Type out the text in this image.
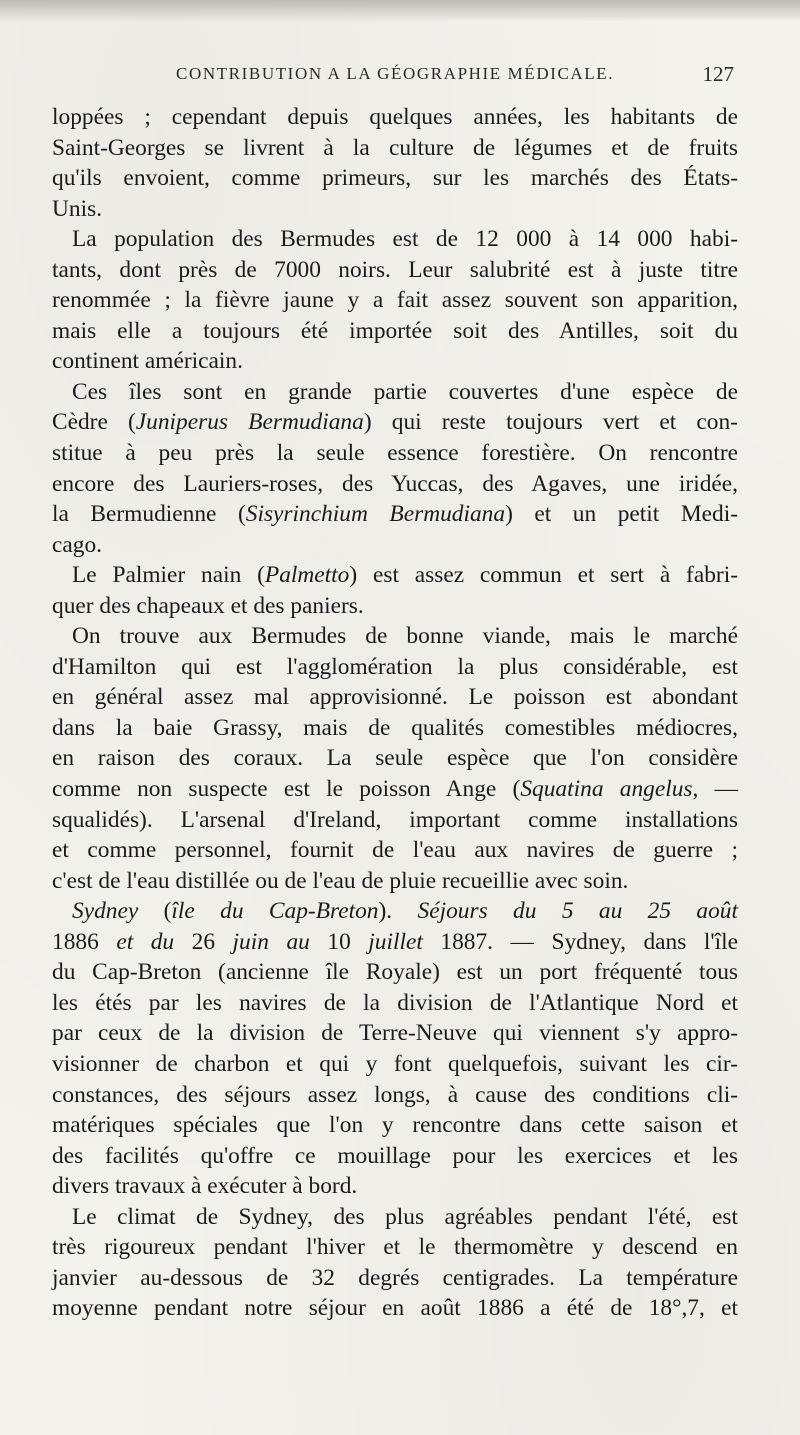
CONTRIBUTION A LA GÉOGRAPHIE MÉDICALE.	127
loppées ; cependant depuis quelques années, les habitants de
Saint-Georges se livrent à la culture de légumes et de fruits
qu'ils envoient, comme primeurs, sur les marchés des États-
Unis.
La population des Bermudes est de 12 000 à 14 000 habi-
tants, dont près de 7000 noirs. Leur salubrité est à juste titre
renommée ; la fièvre jaune y a fait assez souvent son apparition,
mais elle a toujours été importée soit des Antilles, soit du
continent américain.
Ces îles sont en grande partie couvertes d'une espèce de
Cèdre (Juniperus Bermudiana) qui reste toujours vert et con-
stitue à peu près la seule essence forestière. On rencontre
encore des Lauriers-roses, des Yuccas, des Agaves, une iridée,
la Bermudienne (Sisyrinchium Bermudiana) et un petit Medi-
cago.
Le Palmier nain (Palmetto) est assez commun et sert à fabri-
quer des chapeaux et des paniers.
On trouve aux Bermudes de bonne viande, mais le marché
d'Hamilton qui est l'agglomération la plus considérable, est
en général assez mal approvisionné. Le poisson est abondant
dans la baie Grassy, mais de qualités comestibles médiocres,
en raison des coraux. La seule espèce que l'on considère
comme non suspecte est le poisson Ange (Squatina angelus, —
squalidés). L'arsenal d'Ireland, important comme installations
et comme personnel, fournit de l'eau aux navires de guerre ;
c'est de l'eau distillée ou de l'eau de pluie recueillie avec soin.
Sydney (île du Cap-Breton). Séjours du 5 au 25 août
1886 et du 26 juin au 10 juillet 1887. — Sydney, dans l'île
du Cap-Breton (ancienne île Royale) est un port fréquenté tous
les étés par les navires de la division de l'Atlantique Nord et
par ceux de la division de Terre-Neuve qui viennent s'y appro-
visionner de charbon et qui y font quelquefois, suivant les cir-
constances, des séjours assez longs, à cause des conditions cli-
matériques spéciales que l'on y rencontre dans cette saison et
des facilités qu'offre ce mouillage pour les exercices et les
divers travaux à exécuter à bord.
Le climat de Sydney, des plus agréables pendant l'été, est
très rigoureux pendant l'hiver et le thermomètre y descend en
janvier au-dessous de 32 degrés centigrades. La température
moyenne pendant notre séjour en août 1886 a été de 18°,7, et
